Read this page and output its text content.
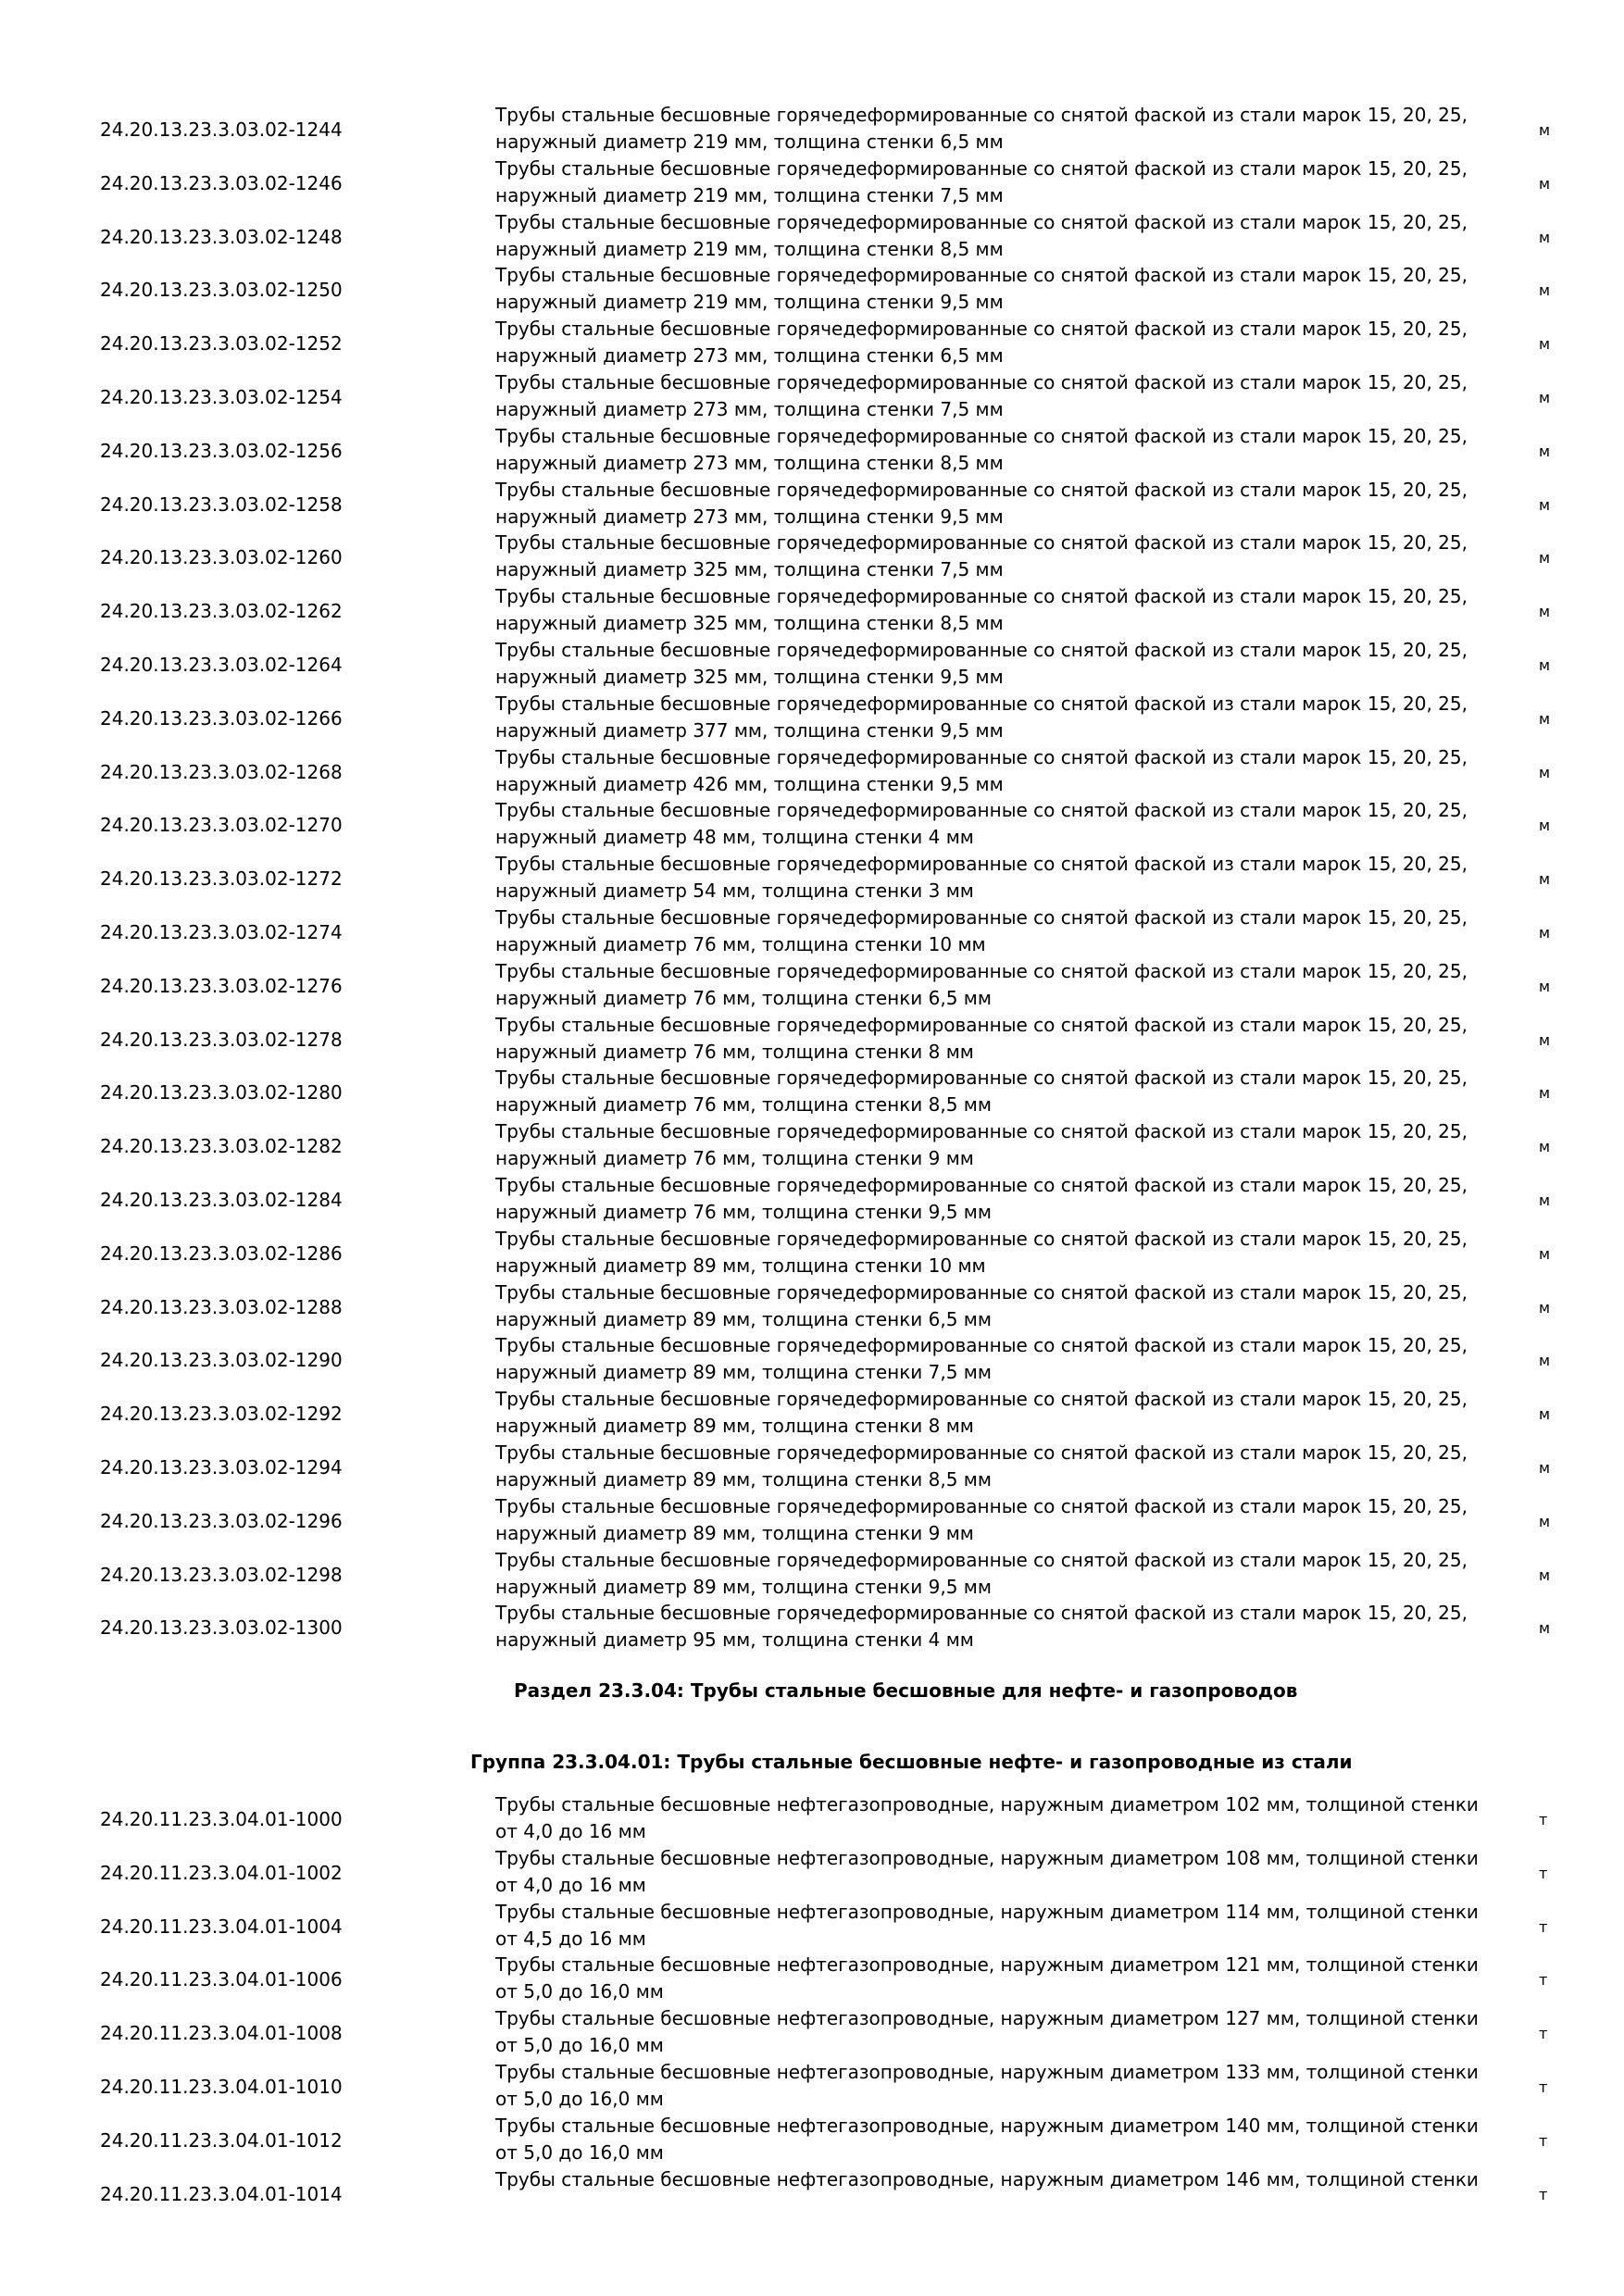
24.20.13.23.3.03.02-1244
Трубы стальные бесшовные горячедеформированные со снятой фаской из стали марок 15, 20, 25,
наружный диаметр 219 мм, толщина стенки 6,5 мм
м
24.20.13.23.3.03.02-1246
Трубы стальные бесшовные горячедеформированные со снятой фаской из стали марок 15, 20, 25,
наружный диаметр 219 мм, толщина стенки 7,5 мм
м
24.20.13.23.3.03.02-1248
Трубы стальные бесшовные горячедеформированные со снятой фаской из стали марок 15, 20, 25,
наружный диаметр 219 мм, толщина стенки 8,5 мм
м
24.20.13.23.3.03.02-1250
Трубы стальные бесшовные горячедеформированные со снятой фаской из стали марок 15, 20, 25,
наружный диаметр 219 мм, толщина стенки 9,5 мм
м
24.20.13.23.3.03.02-1252
Трубы стальные бесшовные горячедеформированные со снятой фаской из стали марок 15, 20, 25,
наружный диаметр 273 мм, толщина стенки 6,5 мм
м
24.20.13.23.3.03.02-1254
Трубы стальные бесшовные горячедеформированные со снятой фаской из стали марок 15, 20, 25,
наружный диаметр 273 мм, толщина стенки 7,5 мм
м
24.20.13.23.3.03.02-1256
Трубы стальные бесшовные горячедеформированные со снятой фаской из стали марок 15, 20, 25,
наружный диаметр 273 мм, толщина стенки 8,5 мм
м
24.20.13.23.3.03.02-1258
Трубы стальные бесшовные горячедеформированные со снятой фаской из стали марок 15, 20, 25,
наружный диаметр 273 мм, толщина стенки 9,5 мм
м
24.20.13.23.3.03.02-1260
Трубы стальные бесшовные горячедеформированные со снятой фаской из стали марок 15, 20, 25,
наружный диаметр 325 мм, толщина стенки 7,5 мм
м
24.20.13.23.3.03.02-1262
Трубы стальные бесшовные горячедеформированные со снятой фаской из стали марок 15, 20, 25,
наружный диаметр 325 мм, толщина стенки 8,5 мм
м
24.20.13.23.3.03.02-1264
Трубы стальные бесшовные горячедеформированные со снятой фаской из стали марок 15, 20, 25,
наружный диаметр 325 мм, толщина стенки 9,5 мм
м
24.20.13.23.3.03.02-1266
Трубы стальные бесшовные горячедеформированные со снятой фаской из стали марок 15, 20, 25,
наружный диаметр 377 мм, толщина стенки 9,5 мм
м
24.20.13.23.3.03.02-1268
Трубы стальные бесшовные горячедеформированные со снятой фаской из стали марок 15, 20, 25,
наружный диаметр 426 мм, толщина стенки 9,5 мм
м
24.20.13.23.3.03.02-1270
Трубы стальные бесшовные горячедеформированные со снятой фаской из стали марок 15, 20, 25,
наружный диаметр 48 мм, толщина стенки 4 мм
м
24.20.13.23.3.03.02-1272
Трубы стальные бесшовные горячедеформированные со снятой фаской из стали марок 15, 20, 25,
наружный диаметр 54 мм, толщина стенки 3 мм
м
24.20.13.23.3.03.02-1274
Трубы стальные бесшовные горячедеформированные со снятой фаской из стали марок 15, 20, 25,
наружный диаметр 76 мм, толщина стенки 10 мм
м
24.20.13.23.3.03.02-1276
Трубы стальные бесшовные горячедеформированные со снятой фаской из стали марок 15, 20, 25,
наружный диаметр 76 мм, толщина стенки 6,5 мм
м
24.20.13.23.3.03.02-1278
Трубы стальные бесшовные горячедеформированные со снятой фаской из стали марок 15, 20, 25,
наружный диаметр 76 мм, толщина стенки 8 мм
м
24.20.13.23.3.03.02-1280
Трубы стальные бесшовные горячедеформированные со снятой фаской из стали марок 15, 20, 25,
наружный диаметр 76 мм, толщина стенки 8,5 мм
м
24.20.13.23.3.03.02-1282
Трубы стальные бесшовные горячедеформированные со снятой фаской из стали марок 15, 20, 25,
наружный диаметр 76 мм, толщина стенки 9 мм
м
24.20.13.23.3.03.02-1284
Трубы стальные бесшовные горячедеформированные со снятой фаской из стали марок 15, 20, 25,
наружный диаметр 76 мм, толщина стенки 9,5 мм
м
24.20.13.23.3.03.02-1286
Трубы стальные бесшовные горячедеформированные со снятой фаской из стали марок 15, 20, 25,
наружный диаметр 89 мм, толщина стенки 10 мм
м
24.20.13.23.3.03.02-1288
Трубы стальные бесшовные горячедеформированные со снятой фаской из стали марок 15, 20, 25,
наружный диаметр 89 мм, толщина стенки 6,5 мм
м
24.20.13.23.3.03.02-1290
Трубы стальные бесшовные горячедеформированные со снятой фаской из стали марок 15, 20, 25,
наружный диаметр 89 мм, толщина стенки 7,5 мм
м
24.20.13.23.3.03.02-1292
Трубы стальные бесшовные горячедеформированные со снятой фаской из стали марок 15, 20, 25,
наружный диаметр 89 мм, толщина стенки 8 мм
м
24.20.13.23.3.03.02-1294
Трубы стальные бесшовные горячедеформированные со снятой фаской из стали марок 15, 20, 25,
наружный диаметр 89 мм, толщина стенки 8,5 мм
м
24.20.13.23.3.03.02-1296
Трубы стальные бесшовные горячедеформированные со снятой фаской из стали марок 15, 20, 25,
наружный диаметр 89 мм, толщина стенки 9 мм
м
24.20.13.23.3.03.02-1298
Трубы стальные бесшовные горячедеформированные со снятой фаской из стали марок 15, 20, 25,
наружный диаметр 89 мм, толщина стенки 9,5 мм
м
24.20.13.23.3.03.02-1300
Трубы стальные бесшовные горячедеформированные со снятой фаской из стали марок 15, 20, 25,
наружный диаметр 95 мм, толщина стенки 4 мм
м
Раздел 23.3.04: Трубы стальные бесшовные для нефте- и газопроводов
Группа 23.3.04.01: Трубы стальные бесшовные нефте- и газопроводные из стали
24.20.11.23.3.04.01-1000
Трубы стальные бесшовные нефтегазопроводные, наружным диаметром 102 мм, толщиной стенки
от 4,0 до 16 мм
т
24.20.11.23.3.04.01-1002
Трубы стальные бесшовные нефтегазопроводные, наружным диаметром 108 мм, толщиной стенки
от 4,0 до 16 мм
т
24.20.11.23.3.04.01-1004
Трубы стальные бесшовные нефтегазопроводные, наружным диаметром 114 мм, толщиной стенки
от 4,5 до 16 мм
т
24.20.11.23.3.04.01-1006
Трубы стальные бесшовные нефтегазопроводные, наружным диаметром 121 мм, толщиной стенки
от 5,0 до 16,0 мм
т
24.20.11.23.3.04.01-1008
Трубы стальные бесшовные нефтегазопроводные, наружным диаметром 127 мм, толщиной стенки
от 5,0 до 16,0 мм
т
24.20.11.23.3.04.01-1010
Трубы стальные бесшовные нефтегазопроводные, наружным диаметром 133 мм, толщиной стенки
от 5,0 до 16,0 мм
т
24.20.11.23.3.04.01-1012
Трубы стальные бесшовные нефтегазопроводные, наружным диаметром 140 мм, толщиной стенки
от 5,0 до 16,0 мм
т
24.20.11.23.3.04.01-1014
Трубы стальные бесшовные нефтегазопроводные, наружным диаметром 146 мм, толщиной стенки
т
